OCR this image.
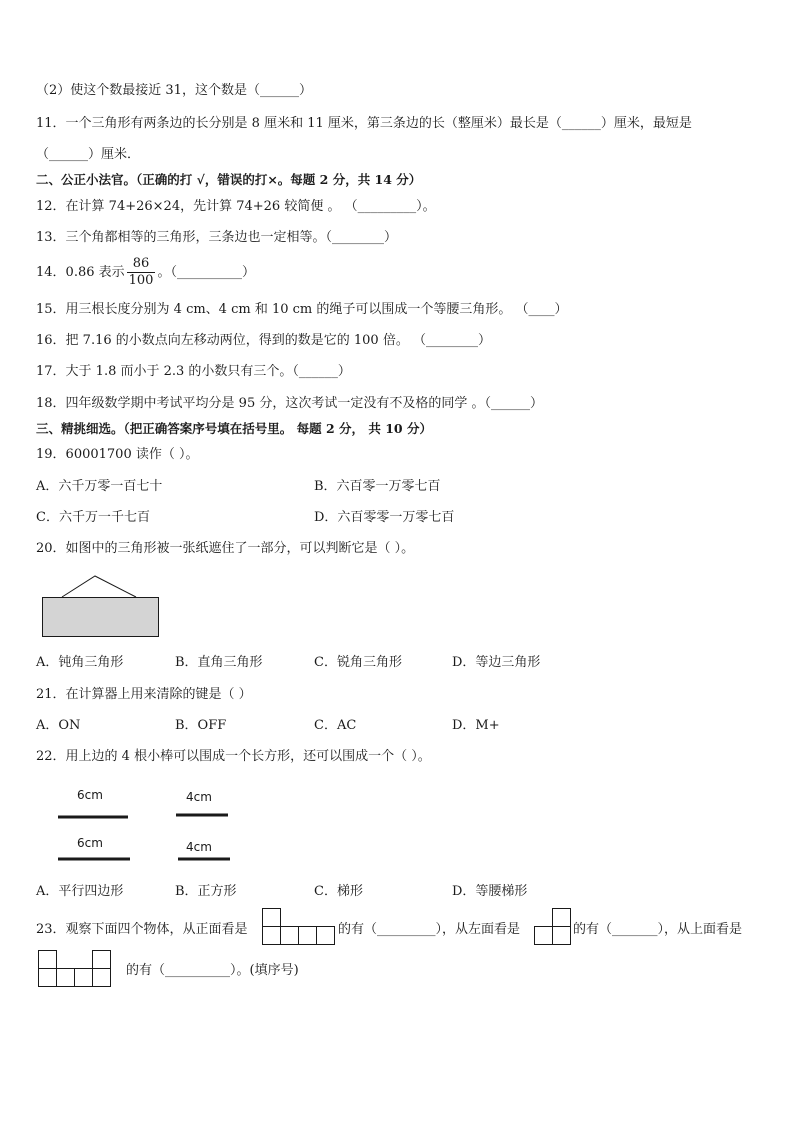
（2）使这个数最接近 31，这个数是（______）
11．一个三角形有两条边的长分别是 8 厘米和 11 厘米，第三条边的长（整厘米）最长是（______）厘米，最短是
（______）厘米．
二、公正小法官。（正确的打 √，错误的打×。每题 2 分，共 14 分）
12．在计算 74+26×24，先计算 74+26 较简便 。 （_________）。
13．三个角都相等的三角形，三条边也一定相等。（________）
14．0.86 表示 $\frac{86}{100}$ 。（__________）
15．用三根长度分别为 4 cm、4 cm 和 10 cm 的绳子可以围成一个等腰三角形。 （____）
16．把 7.16 的小数点向左移动两位，得到的数是它的 100 倍。 （________）
17．大于 1.8 而小于 2.3 的小数只有三个。（______）
18．四年级数学期中考试平均分是 95 分，这次考试一定没有不及格的同学 。（______）
三、精挑细选。（把正确答案序号填在括号里。 每题 2 分， 共 10 分）
19．60001700 读作（ ）。
A．六千万零一百七十	B．六百零一万零七百
C．六千万一千七百	D．六百零零一万零七百
20．如图中的三角形被一张纸遮住了一部分，可以判断它是（ ）。
A．钝角三角形	B．直角三角形	C．锐角三角形	D．等边三角形
21．在计算器上用来清除的键是（ ）
A．ON	B．OFF	C．AC	D．M+
22．用上边的 4 根小棒可以围成一个长方形，还可以围成一个（ ）。
6cm	4cm
6cm	4cm
A．平行四边形	B．正方形	C．梯形	D．等腰梯形
23．观察下面四个物体，从正面看是	的有（_________），从左面看是	的有（_______），从上面看是
的有（__________）。(填序号)
